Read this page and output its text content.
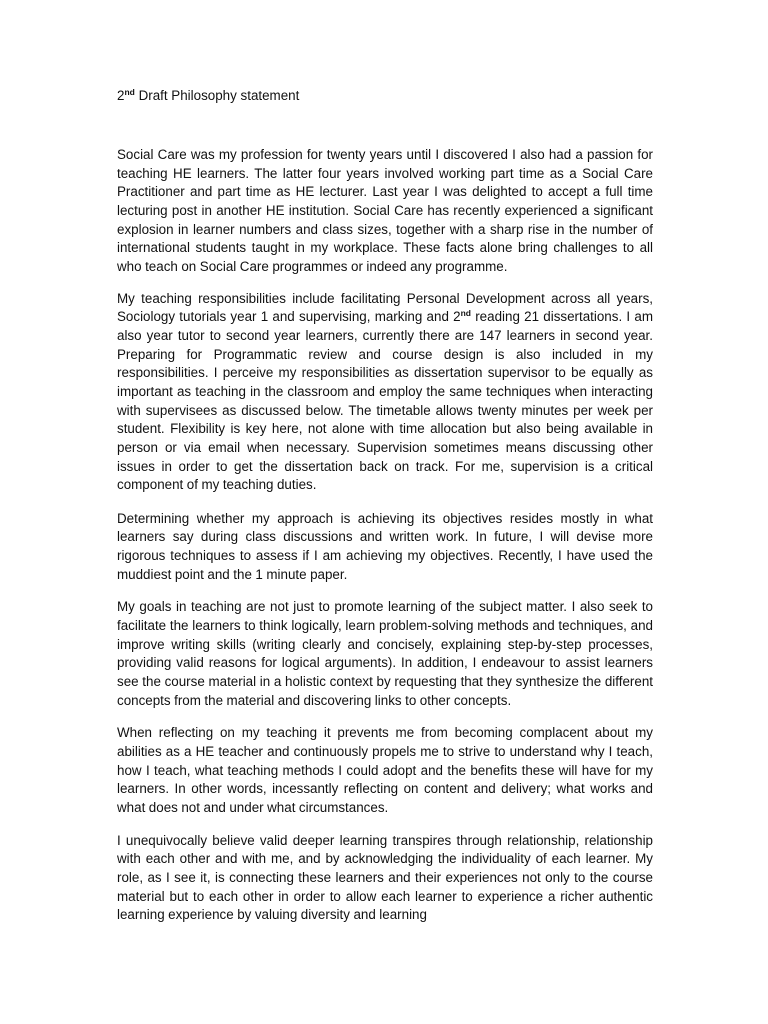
2nd Draft Philosophy statement

Social Care was my profession for twenty years until I discovered I also had a passion for teaching HE learners. The latter four years involved working part time as a Social Care Practitioner and part time as HE lecturer. Last year I was delighted to accept a full time lecturing post in another HE institution. Social Care has recently experienced a significant explosion in learner numbers and class sizes, together with a sharp rise in the number of international students taught in my workplace. These facts alone bring challenges to all who teach on Social Care programmes or indeed any programme.

My teaching responsibilities include facilitating Personal Development across all years, Sociology tutorials year 1 and supervising, marking and 2nd reading 21 dissertations. I am also year tutor to second year learners, currently there are 147 learners in second year. Preparing for Programmatic review and course design is also included in my responsibilities. I perceive my responsibilities as dissertation supervisor to be equally as important as teaching in the classroom and employ the same techniques when interacting with supervisees as discussed below. The timetable allows twenty minutes per week per student. Flexibility is key here, not alone with time allocation but also being available in person or via email when necessary. Supervision sometimes means discussing other issues in order to get the dissertation back on track. For me, supervision is a critical component of my teaching duties.

Determining whether my approach is achieving its objectives resides mostly in what learners say during class discussions and written work. In future, I will devise more rigorous techniques to assess if I am achieving my objectives. Recently, I have used the muddiest point and the 1 minute paper.

My goals in teaching are not just to promote learning of the subject matter. I also seek to facilitate the learners to think logically, learn problem-solving methods and techniques, and improve writing skills (writing clearly and concisely, explaining step-by-step processes, providing valid reasons for logical arguments). In addition, I endeavour to assist learners see the course material in a holistic context by requesting that they synthesize the different concepts from the material and discovering links to other concepts.

When reflecting on my teaching it prevents me from becoming complacent about my abilities as a HE teacher and continuously propels me to strive to understand why I teach, how I teach, what teaching methods I could adopt and the benefits these will have for my learners. In other words, incessantly reflecting on content and delivery; what works and what does not and under what circumstances.

I unequivocally believe valid deeper learning transpires through relationship, relationship with each other and with me, and by acknowledging the individuality of each learner. My role, as I see it, is connecting these learners and their experiences not only to the course material but to each other in order to allow each learner to experience a richer authentic learning experience by valuing diversity and learning
